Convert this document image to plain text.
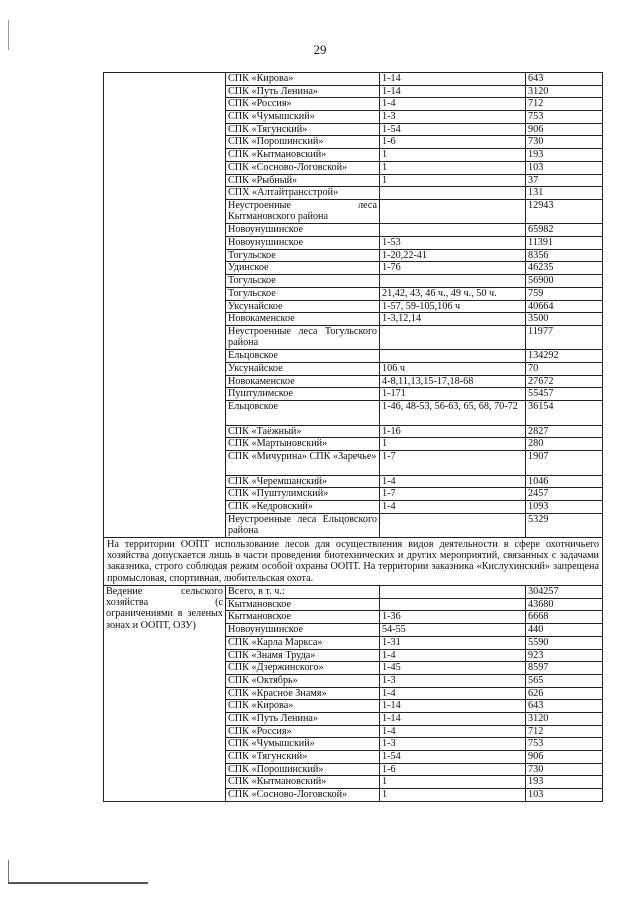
29
	СПК «Кирова»	1-14	643
	СПК «Путь Ленина»	1-14	3120
	СПК «Россия»	1-4	712
	СПК «Чумышский»	1-3	753
	СПК «Тягунский»	1-54	906
	СПК «Порошинский»	1-6	730
	СПК «Кытмановский»	1	193
	СПК «Сосново-Логовской»	1	103
	СПК «Рыбный»	1	37
	СПХ «Алтайтрансстрой»		131
	Неустроенные леса Кытмановского района		12943
	Новоунушинское		65982
	Новоунушинское	1-53	11391
	Тогульское	1-20,22-41	8356
	Удинское	1-76	46235
	Тогульское		56900
	Тогульское	21,42, 43, 46 ч., 49 ч., 50 ч.	759
	Уксунайское	1-57, 59-105,106 ч	40664
	Новокаменское	1-3,12,14	3500
	Неустроенные леса Тогульского района		11977
	Ельцовское		134292
	Уксунайское	106 ч	70
	Новокаменское	4-8,11,13,15-17,18-68	27672
	Пуштулимское	1-171	55457
	Ельцовское	1-46, 48-53, 56-63, 65, 68, 70-72	36154
	СПК «Таёжный»	1-16	2827
	СПК «Мартыновский»	1	280
	СПК «Мичурина» СПК «Заречье»	1-7	1907
	СПК «Черемшанский»	1-4	1046
	СПК «Пуштулимский»	1-7	2457
	СПК «Кедровский»	1-4	1093
	Неустроенные леса Ельцовского района		5329
На территории ООПТ использование лесов для осуществления видов деятельности в сфере охотничьего хозяйства допускается лишь в части проведения биотехнических и других мероприятий, связанных с задачами заказника, строго соблюдая режим особой охраны ООПТ. На территории заказника «Кислухинский» запрещена промысловая, спортивная, любительская охота.			
Ведение сельского хозяйства (с ограничениями в зеленых зонах и ООПТ, ОЗУ)	Всего, в т. ч.:		304257
	Кытмановское		43680
	Кытмановское	1-36	6668
	Новоунушинское	54-55	440
	СПК «Карла Маркса»	1-31	5590
	СПК «Знамя Труда»	1-4	923
	СПК «Дзержинского»	1-45	8597
	СПК «Октябрь»	1-3	565
	СПК «Красное Знамя»	1-4	626
	СПК «Кирова»	1-14	643
	СПК «Путь Ленина»	1-14	3120
	СПК «Россия»	1-4	712
	СПК «Чумышский»	1-3	753
	СПК «Тягунский»	1-54	906
	СПК «Порошинский»	1-6	730
	СПК «Кытмановский»	1	193
	СПК «Сосново-Логовской»	1	103
